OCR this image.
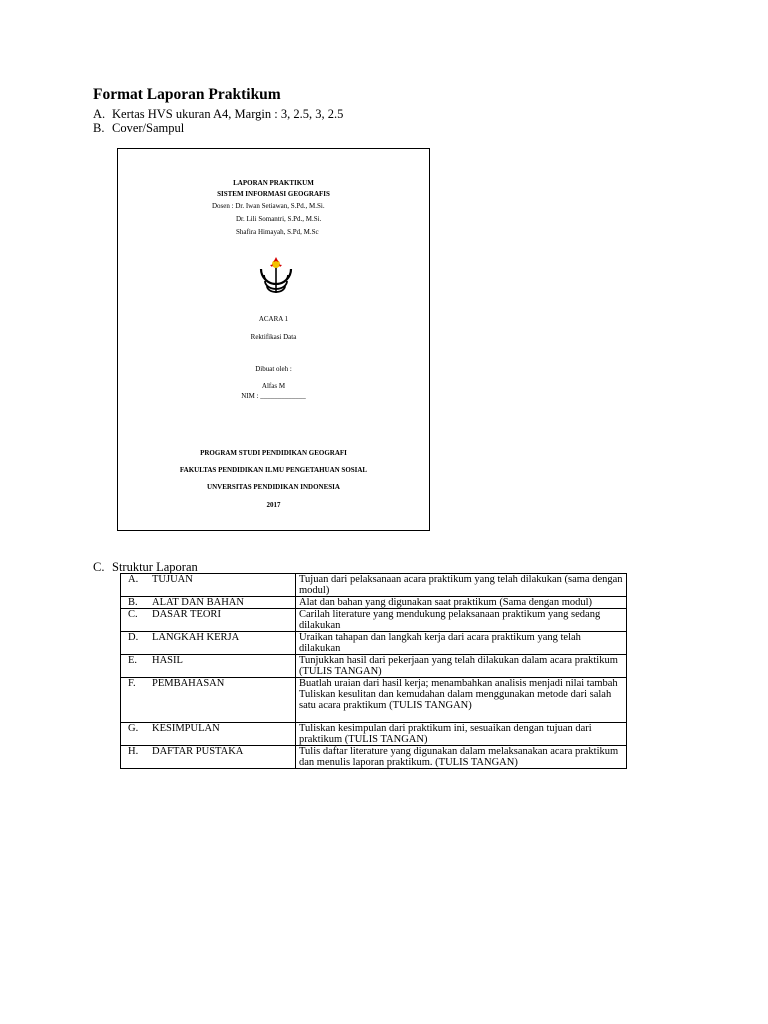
Format Laporan Praktikum
A. Kertas HVS ukuran A4, Margin : 3, 2.5, 3, 2.5
B. Cover/Sampul
LAPORAN PRAKTIKUM
SISTEM INFORMASI GEOGRAFIS
Dosen : Dr. Iwan Setiawan, S.Pd., M.Si.
Dr. Lili Somantri, S.Pd., M.Si.
Shafira Himayah, S.Pd, M.Sc
ACARA 1
Rektifikasi Data
Dibuat oleh :
Alfas M
NIM : _____________
PROGRAM STUDI PENDIDIKAN GEOGRAFI
FAKULTAS PENDIDIKAN ILMU PENGETAHUAN SOSIAL
UNVERSITAS PENDIDIKAN INDONESIA
2017
C. Struktur Laporan
A. TUJUAN	Tujuan dari pelaksanaan acara praktikum yang telah dilakukan (sama dengan modul)
B. ALAT DAN BAHAN	Alat dan bahan yang digunakan saat praktikum (Sama dengan modul)
C. DASAR TEORI	Carilah literature yang mendukung pelaksanaan praktikum yang sedang dilakukan
D. LANGKAH KERJA	Uraikan tahapan dan langkah kerja dari acara praktikum yang telah dilakukan
E. HASIL	Tunjukkan hasil dari pekerjaan yang telah dilakukan dalam acara praktikum (TULIS TANGAN)
F. PEMBAHASAN	Buatlah uraian dari hasil kerja; menambahkan analisis menjadi nilai tambah Tuliskan kesulitan dan kemudahan dalam menggunakan metode dari salah satu acara praktikum (TULIS TANGAN)
G. KESIMPULAN	Tuliskan kesimpulan dari praktikum ini, sesuaikan dengan tujuan dari praktikum (TULIS TANGAN)
H. DAFTAR PUSTAKA	Tulis daftar literature yang digunakan dalam melaksanakan acara praktikum dan menulis laporan praktikum. (TULIS TANGAN)
